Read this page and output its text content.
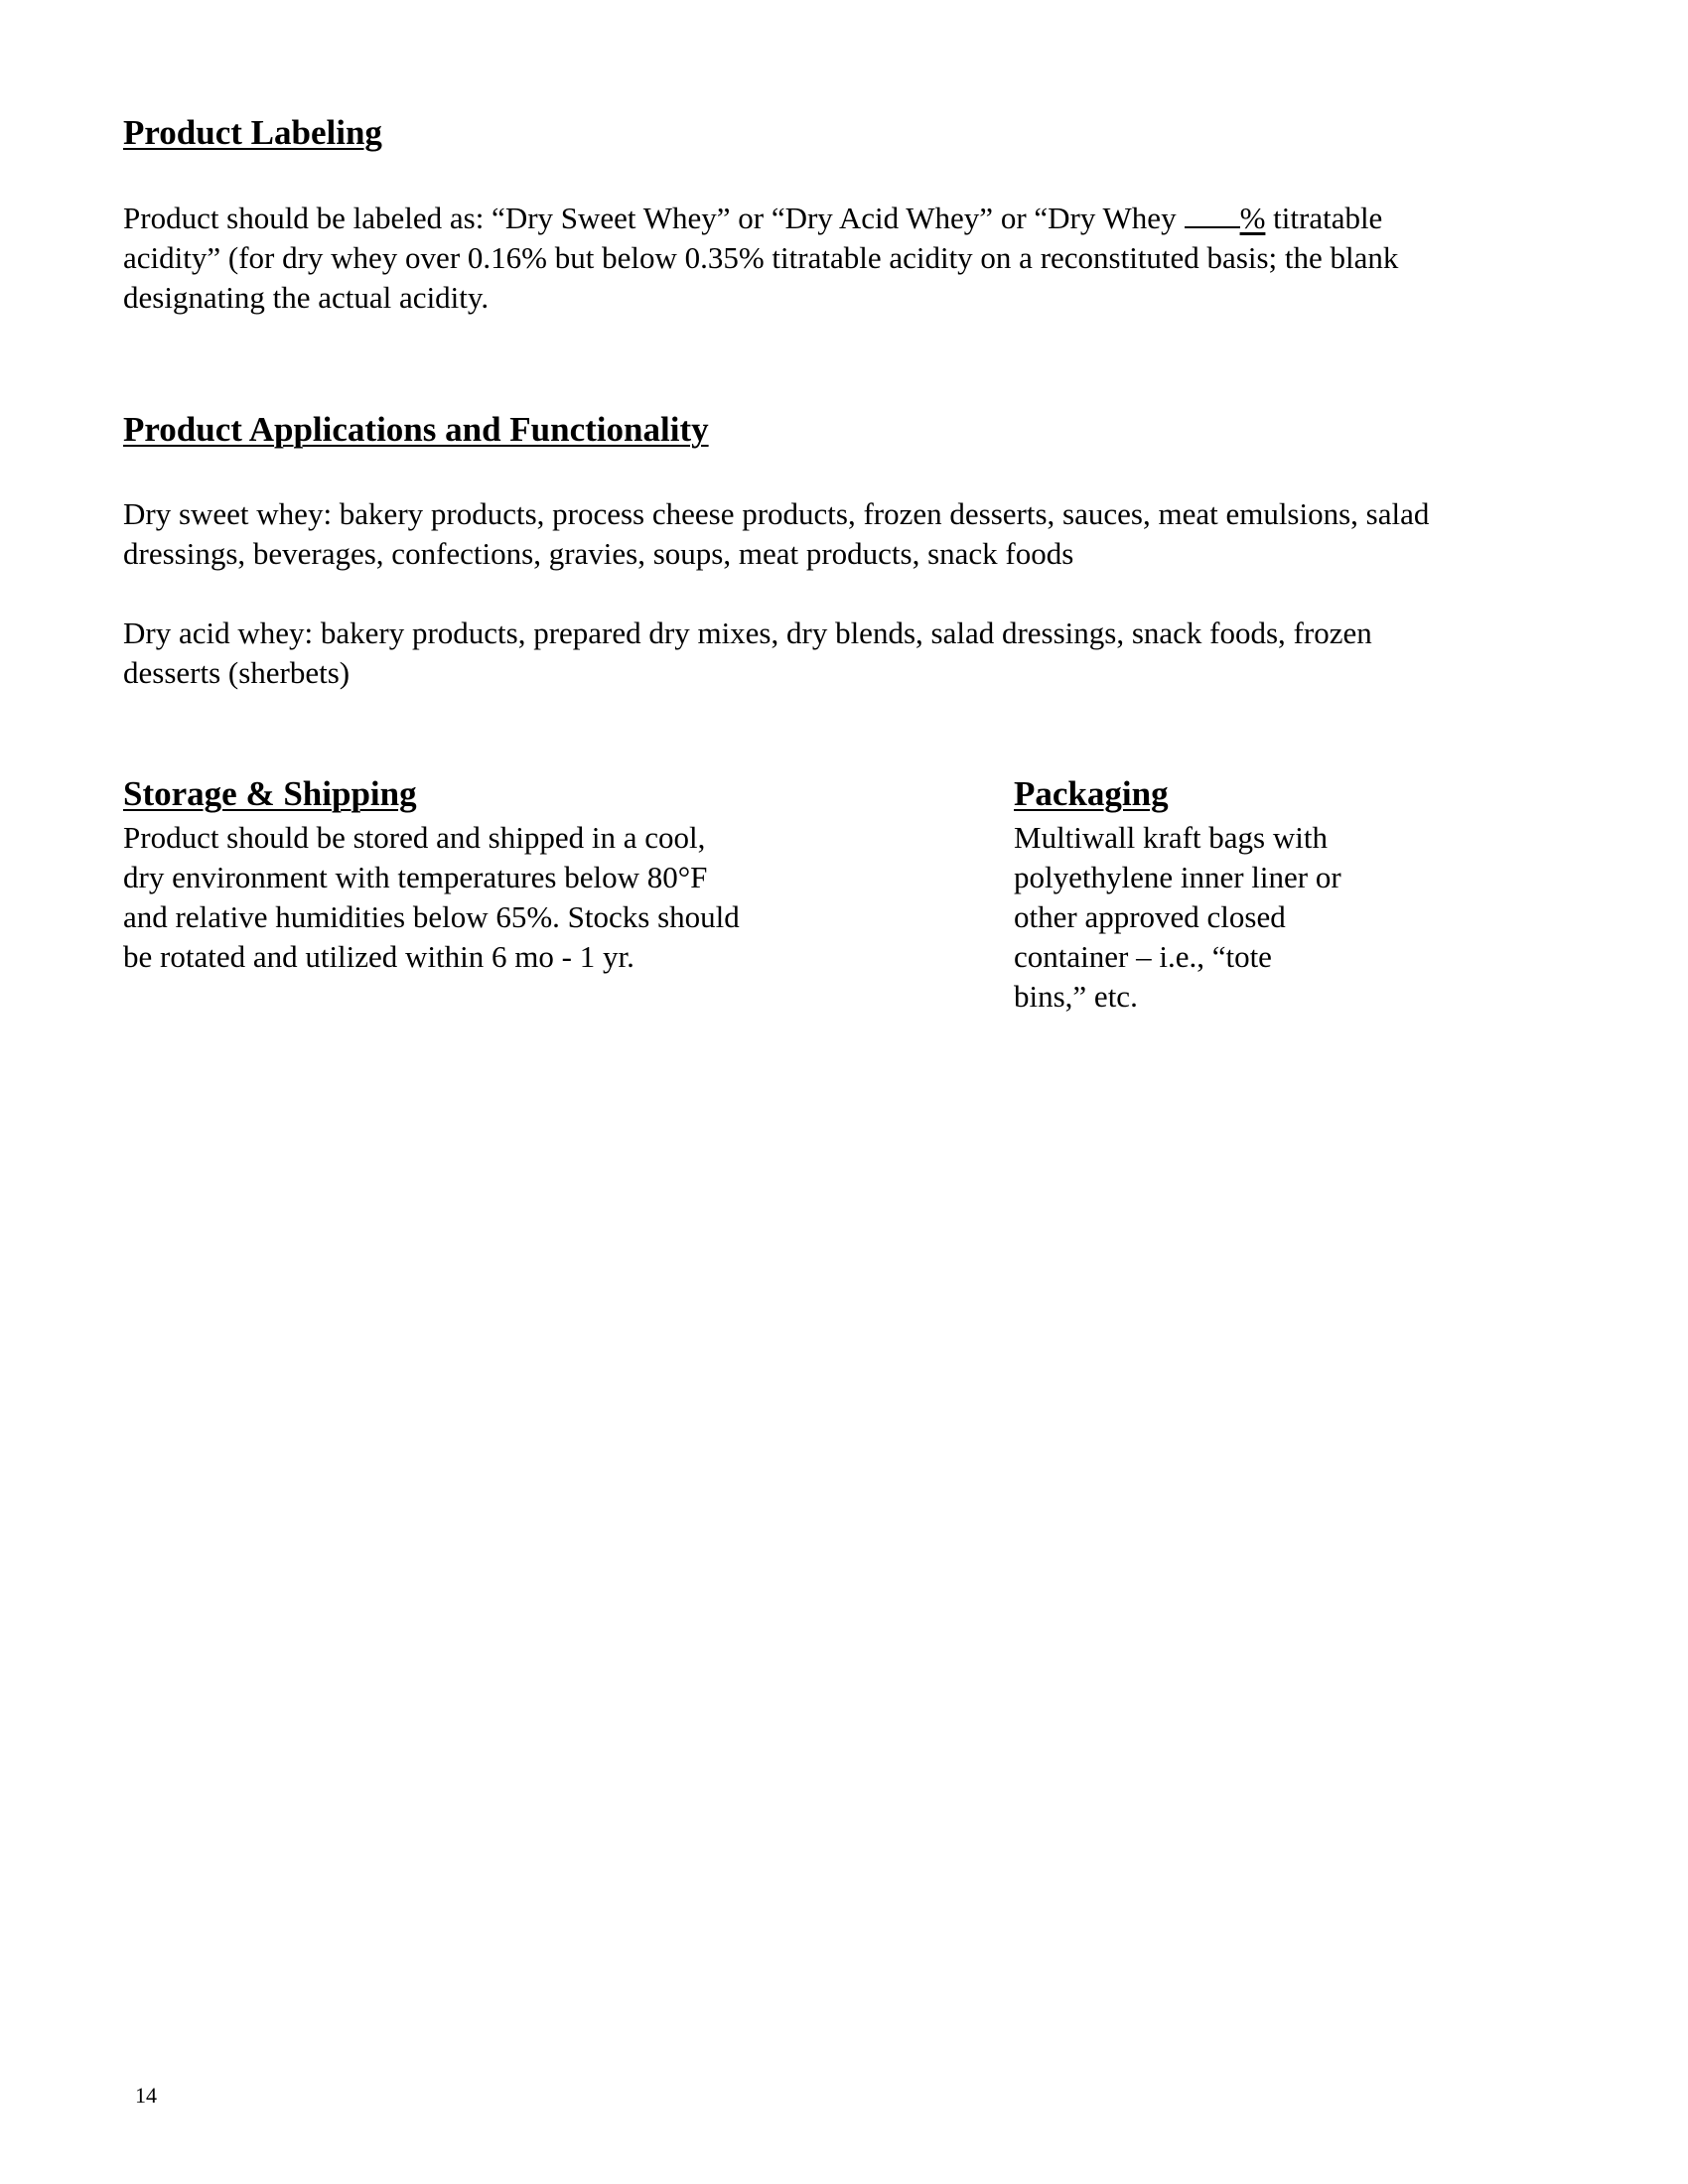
Product Labeling
Product should be labeled as: “Dry Sweet Whey” or “Dry Acid Whey” or “Dry Whey % titratable
acidity” (for dry whey over 0.16% but below 0.35% titratable acidity on a reconstituted basis; the blank
designating the actual acidity.
Product Applications and Functionality
Dry sweet whey: bakery products, process cheese products, frozen desserts, sauces, meat emulsions, salad
dressings, beverages, confections, gravies, soups, meat products, snack foods
Dry acid whey: bakery products, prepared dry mixes, dry blends, salad dressings, snack foods, frozen
desserts (sherbets)
Storage & Shipping
Product should be stored and shipped in a cool,
dry environment with temperatures below 80°F
and relative humidities below 65%. Stocks should
be rotated and utilized within 6 mo - 1 yr.
Packaging
Multiwall kraft bags with
polyethylene inner liner or
other approved closed
container – i.e., “tote
bins,” etc.

14
